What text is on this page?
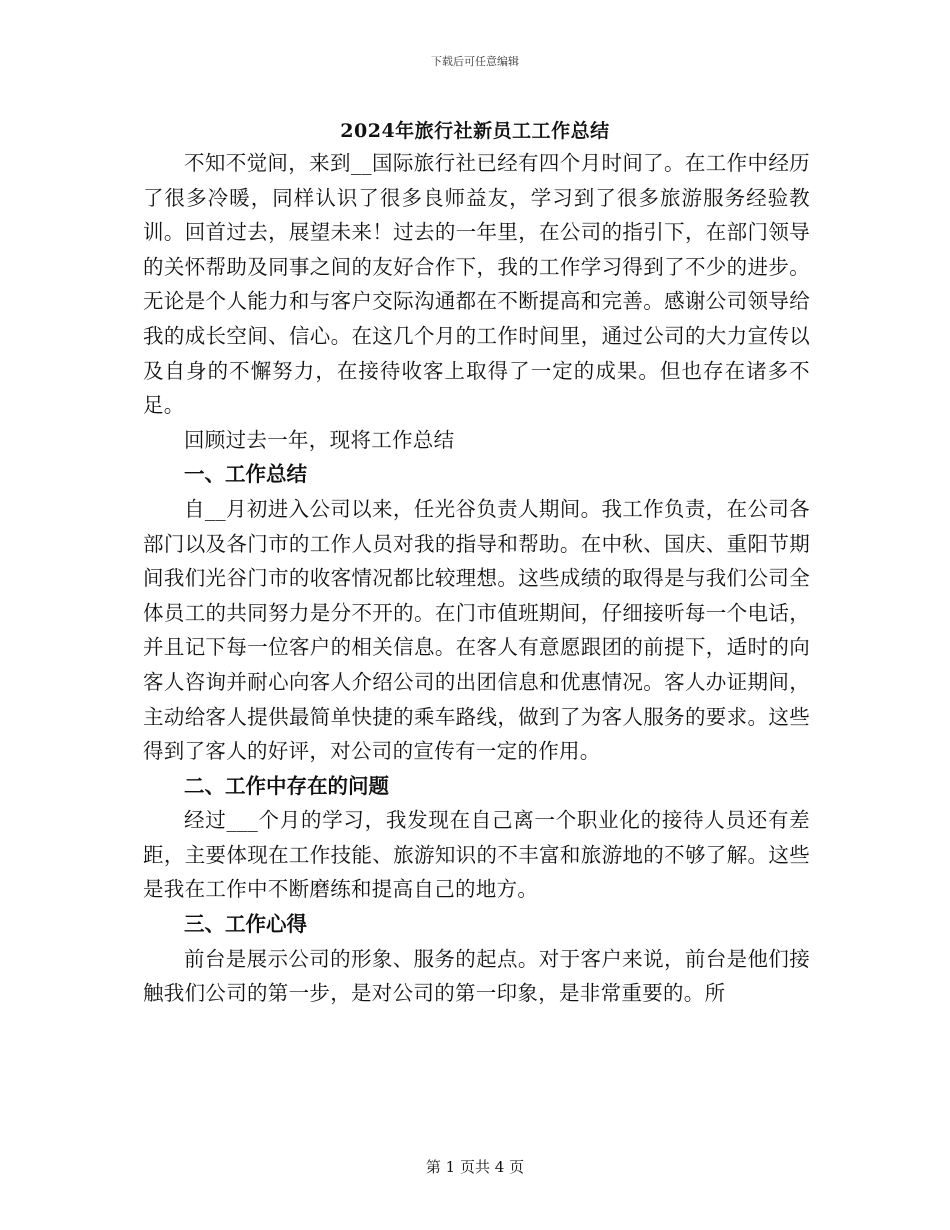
下载后可任意编辑
2024年旅行社新员工工作总结

不知不觉间，来到__国际旅行社已经有四个月时间了。在工作中经历了很多冷暖，同样认识了很多良师益友，学习到了很多旅游服务经验教训。回首过去，展望未来！过去的一年里，在公司的指引下，在部门领导的关怀帮助及同事之间的友好合作下，我的工作学习得到了不少的进步。无论是个人能力和与客户交际沟通都在不断提高和完善。感谢公司领导给我的成长空间、信心。在这几个月的工作时间里，通过公司的大力宣传以及自身的不懈努力，在接待收客上取得了一定的成果。但也存在诸多不足。

回顾过去一年，现将工作总结

一、工作总结

自__月初进入公司以来，任光谷负责人期间。我工作负责，在公司各部门以及各门市的工作人员对我的指导和帮助。在中秋、国庆、重阳节期间我们光谷门市的收客情况都比较理想。这些成绩的取得是与我们公司全体员工的共同努力是分不开的。在门市值班期间，仔细接听每一个电话，并且记下每一位客户的相关信息。在客人有意愿跟团的前提下，适时的向客人咨询并耐心向客人介绍公司的出团信息和优惠情况。客人办证期间，主动给客人提供最简单快捷的乘车路线，做到了为客人服务的要求。这些得到了客人的好评，对公司的宣传有一定的作用。

二、工作中存在的问题

经过___个月的学习，我发现在自己离一个职业化的接待人员还有差距，主要体现在工作技能、旅游知识的不丰富和旅游地的不够了解。这些是我在工作中不断磨练和提高自己的地方。

三、工作心得

前台是展示公司的形象、服务的起点。对于客户来说，前台是他们接触我们公司的第一步，是对公司的第一印象，是非常重要的。所

第 1 页共 4 页
